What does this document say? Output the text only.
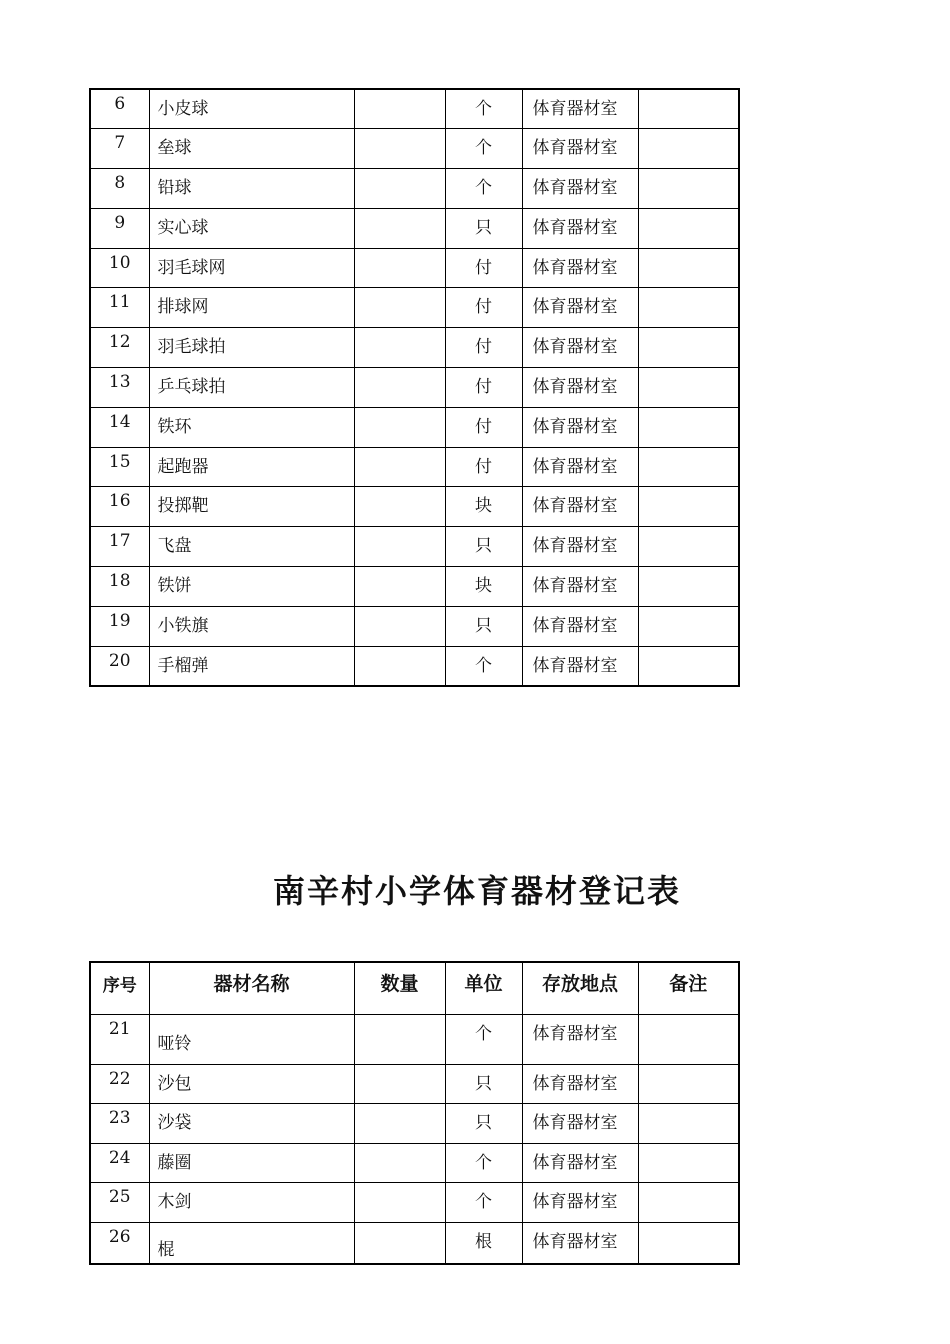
6	小皮球		个	体育器材室	
7	垒球		个	体育器材室	
8	铅球		个	体育器材室	
9	实心球		只	体育器材室	
10	羽毛球网		付	体育器材室	
11	排球网		付	体育器材室	
12	羽毛球拍		付	体育器材室	
13	乒乓球拍		付	体育器材室	
14	铁环		付	体育器材室	
15	起跑器		付	体育器材室	
16	投掷靶		块	体育器材室	
17	飞盘		只	体育器材室	
18	铁饼		块	体育器材室	
19	小铁旗		只	体育器材室	
20	手榴弹		个	体育器材室	
南辛村小学体育器材登记表
序号	器材名称	数量	单位	存放地点	备注
21	哑铃		个	体育器材室	
22	沙包		只	体育器材室	
23	沙袋		只	体育器材室	
24	藤圈		个	体育器材室	
25	木剑		个	体育器材室	
26	棍		根	体育器材室	
